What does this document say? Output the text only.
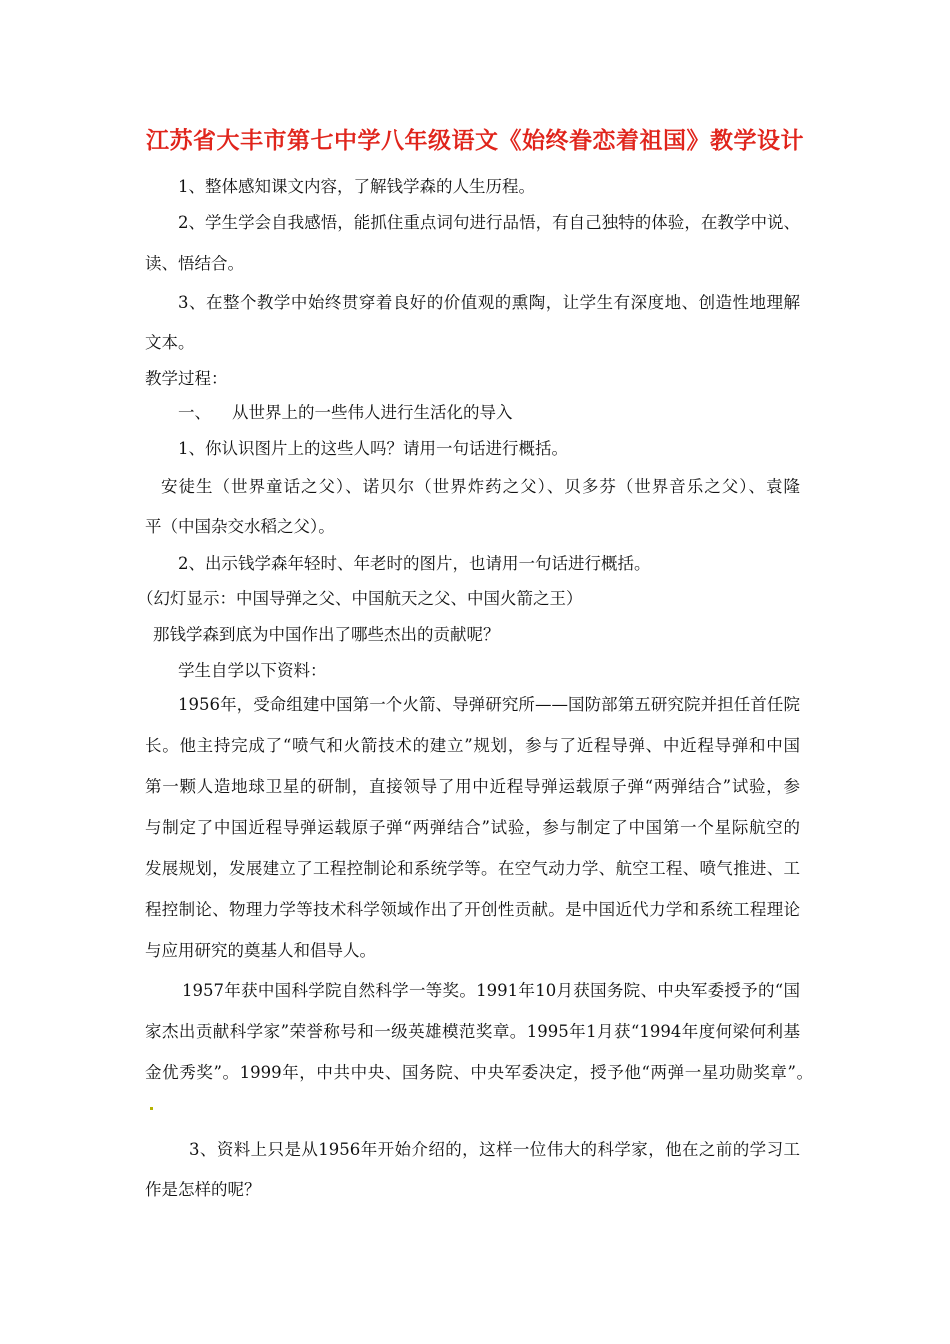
江苏省大丰市第七中学八年级语文《始终眷恋着祖国》教学设计
1、整体感知课文内容，了解钱学森的人生历程。
2、学生学会自我感悟，能抓住重点词句进行品悟，有自己独特的体验，在教学中说、
读、悟结合。
3、在整个教学中始终贯穿着良好的价值观的熏陶，让学生有深度地、创造性地理解
文本。
教学过程：
一、    从世界上的一些伟人进行生活化的导入
1、你认识图片上的这些人吗？请用一句话进行概括。
安徒生（世界童话之父）、诺贝尔（世界炸药之父）、贝多芬（世界音乐之父）、袁隆
平（中国杂交水稻之父）。
2、出示钱学森年轻时、年老时的图片，也请用一句话进行概括。
（幻灯显示：中国导弹之父、中国航天之父、中国火箭之王）
那钱学森到底为中国作出了哪些杰出的贡献呢？
学生自学以下资料：
1956年，受命组建中国第一个火箭、导弹研究所——国防部第五研究院并担任首任院
长。他主持完成了“喷气和火箭技术的建立”规划，参与了近程导弹、中近程导弹和中国
第一颗人造地球卫星的研制，直接领导了用中近程导弹运载原子弹“两弹结合”试验，参
与制定了中国近程导弹运载原子弹“两弹结合”试验，参与制定了中国第一个星际航空的
发展规划，发展建立了工程控制论和系统学等。在空气动力学、航空工程、喷气推进、工
程控制论、物理力学等技术科学领域作出了开创性贡献。是中国近代力学和系统工程理论
与应用研究的奠基人和倡导人。
1957年获中国科学院自然科学一等奖。1991年10月获国务院、中央军委授予的“国
家杰出贡献科学家”荣誉称号和一级英雄模范奖章。1995年1月获“1994年度何梁何利基
金优秀奖”。1999年，中共中央、国务院、中央军委决定，授予他“两弹一星功勋奖章”。
3、资料上只是从1956年开始介绍的，这样一位伟大的科学家，他在之前的学习工
作是怎样的呢？
